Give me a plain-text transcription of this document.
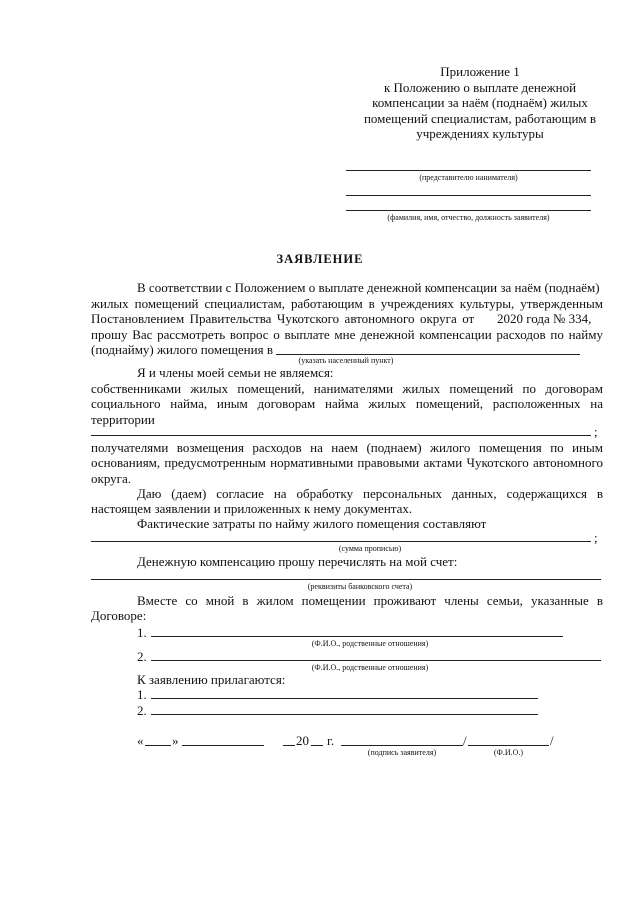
Приложение 1
к Положению о выплате денежной
компенсации за наём (поднаём) жилых
помещений специалистам, работающим в
учреждениях культуры
(представителю нанимателя)
(фамилия, имя, отчество, должность заявителя)
ЗАЯВЛЕНИЕ
В соответствии с Положением о выплате денежной компенсации за наём (поднаём)
жилых помещений специалистам, работающим в учреждениях культуры, утвержденным
Постановлением Правительства Чукотского автономного округа от 2020 года № 334,
прошу Вас рассмотреть вопрос о выплате мне денежной компенсации расходов по найму
(поднайму) жилого помещения в
(указать населенный пункт)
Я и члены моей семьи не являемся:
собственниками жилых помещений, нанимателями жилых помещений по договорам
социального найма, иным договорам найма жилых помещений, расположенных на
территории
;
получателями возмещения расходов на наем (поднаем) жилого помещения по иным
основаниям, предусмотренным нормативными правовыми актами Чукотского автономного
округа.
Даю (даем) согласие на обработку персональных данных, содержащихся в
настоящем заявлении и приложенных к нему документах.
Фактические затраты по найму жилого помещения составляют
;
(сумма прописью)
Денежную компенсацию прошу перечислять на мой счет:
(реквизиты банковского счета)
Вместе со мной в жилом помещении проживают члены семьи, указанные в
Договоре:
1.
(Ф.И.О., родственные отношения)
2.
(Ф.И.О., родственные отношения)
К заявлению прилагаются:
1.
2.
« »	20 г.	/	/
(подпись заявителя)	(Ф.И.О.)
